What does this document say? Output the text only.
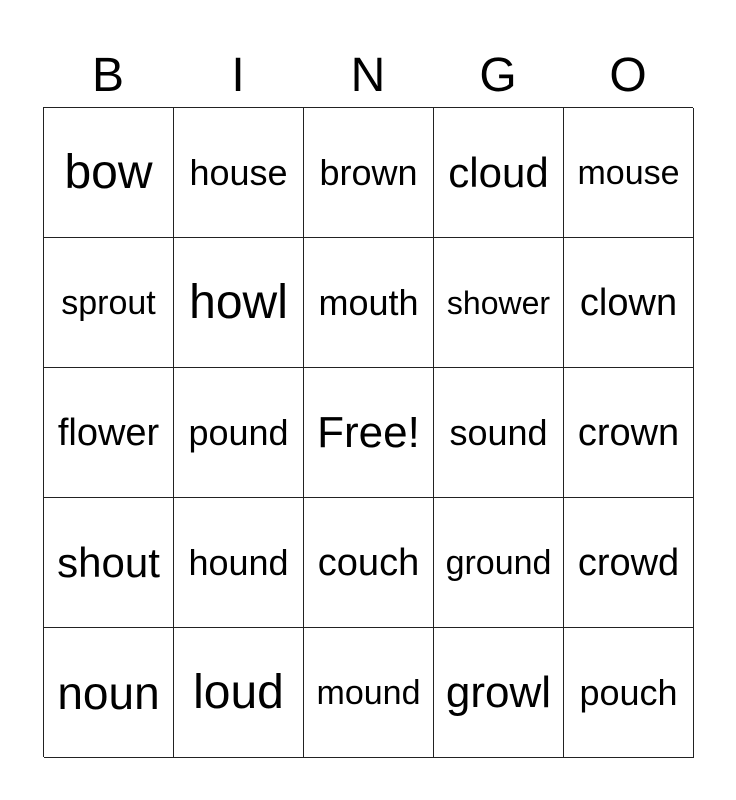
B	I	N	G	O
bow house brown cloud mouse
sprout howl mouth shower clown
flower pound Free! sound crown
shout hound couch ground crowd
noun loud mound growl pouch
